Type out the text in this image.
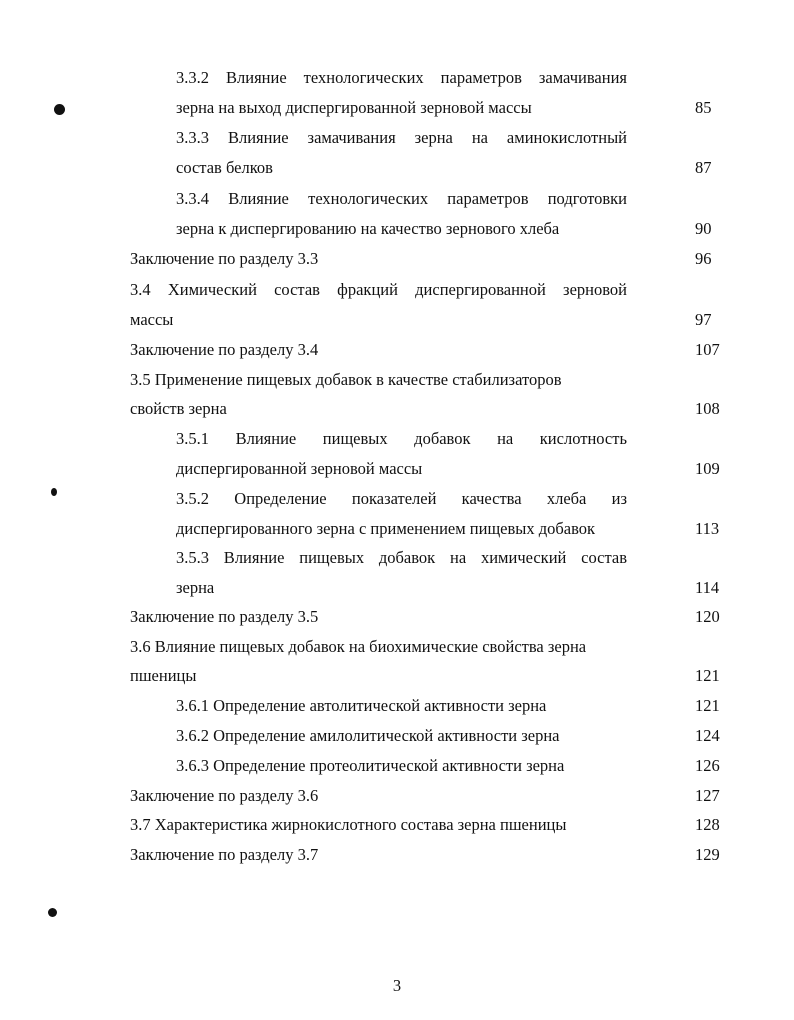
3.3.2 Влияние технологических параметров замачивания
зерна на выход диспергированной зерновой массы	85
3.3.3 Влияние замачивания зерна на аминокислотный
состав белков	87
3.3.4 Влияние технологических параметров подготовки
зерна к диспергированию на качество зернового хлеба	90
Заключение по разделу 3.3	96
3.4 Химический состав фракций диспергированной зерновой
массы	97
Заключение по разделу 3.4	107
3.5 Применение пищевых добавок в качестве стабилизаторов
свойств зерна	108
3.5.1 Влияние пищевых добавок на кислотность
диспергированной зерновой массы	109
3.5.2 Определение показателей качества хлеба из
диспергированного зерна с применением пищевых добавок	113
3.5.3 Влияние пищевых добавок на химический состав
зерна	114
Заключение по разделу 3.5	120
3.6 Влияние пищевых добавок на биохимические свойства зерна
пшеницы	121
3.6.1 Определение автолитической активности зерна	121
3.6.2 Определение амилолитической активности зерна	124
3.6.3 Определение протеолитической активности зерна	126
Заключение по разделу 3.6	127
3.7 Характеристика жирнокислотного состава зерна пшеницы	128
Заключение по разделу 3.7	129
3
